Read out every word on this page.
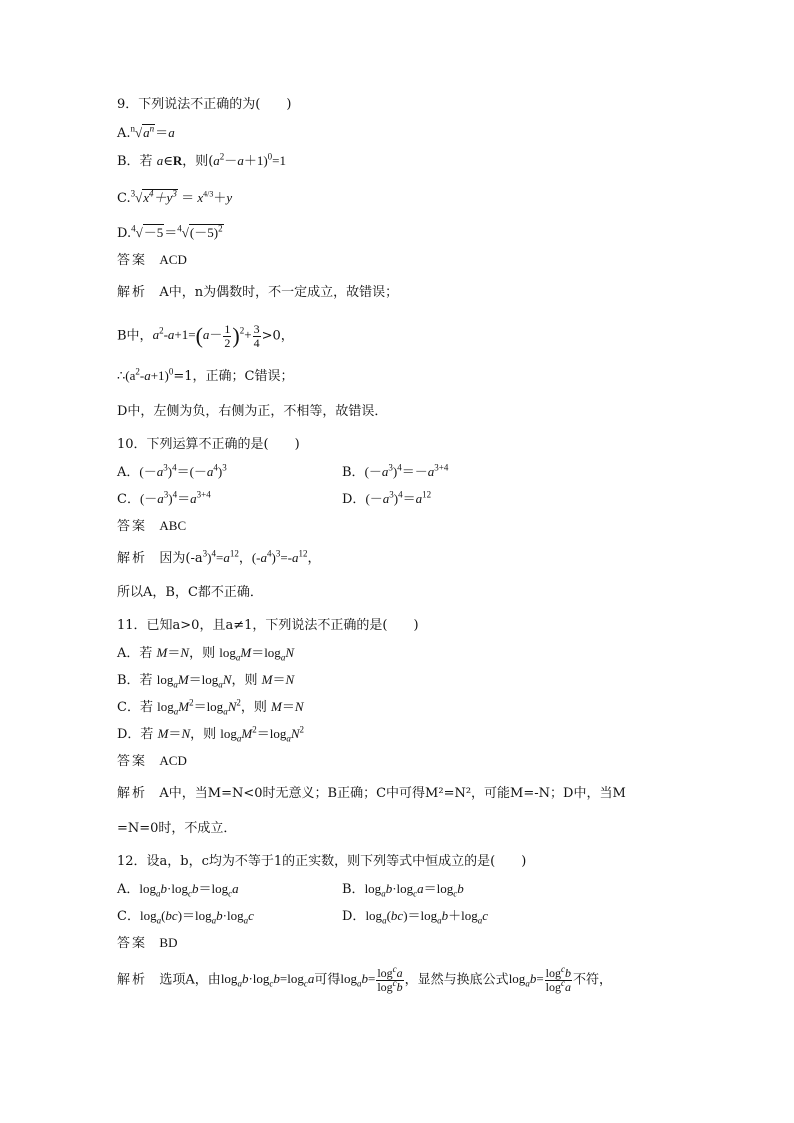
9．下列说法不正确的为(　　)
$A.^n√a^n=a$
B．若 a∈R，则$(a^2-a+1)^0=1$
$C.^3√x^4+y^3 = x^{4/3}+y$
$D.^4√-5=^4√(-5)^2$
答案 ACD
解析 A中，n为偶数时，不一定成立，故错误；
B中，$a^2-a+1=(a- \frac{1}{2} )^2+ \frac{3}{4} >0$，
$\therefore(a^2-a+1)^0=1$，正确；C错误；
D中，左侧为负，右侧为正，不相等，故错误．
10．下列运算不正确的是(　　)
A．$(-a^3)^4=(-a^4)^3$	B．$(-a^3)^4=-a^{3+4}$
C．$(-a^3)^4=a^{3+4}$	D．$(-a^3)^4=a^{12}$
答案 ABC
解析 因为$(-a^3)^4=a^{12}$，$(-a^4)^3=-a^{12}$，
所以A，B，C都不正确．
11．已知a>0，且a≠1，下列说法不正确的是(　　)
A．若 M＝N，则 $\log_aM=\log_aN$
B．若 $\log_aM=\log_aN$，则 M＝N
C．若 $\log_aM^2=\log_aN^2$，则 M＝N
D．若 M＝N，则 $\log_aM^2=\log_aN^2$
答案 ACD
解析 A中，当M=N<0时无意义；B正确；C中可得M²=N²，可能M=-N；D中，当M
=N=0时，不成立．
12．设a，b，c均为不等于1的正实数，则下列等式中恒成立的是(　　)
A．$\log_ab\cdot\log_cb=\log_ca$	B．$\log_ab\cdot\log_ca=\log_cb$
C．$\log_a(bc)=\log_ab\cdot\log_ac$	D．$\log_a(bc)=\log_ab+\log_ac$
答案 BD
解析 选项A，由$\log_ab\cdot\log_cb=\log_ca$可得$\log_ab= \frac{\log^ca}{\log^cb}$ ，显然与换底公式$\log_ab= \frac{\log^cb}{\log^ca}$ 不符，
